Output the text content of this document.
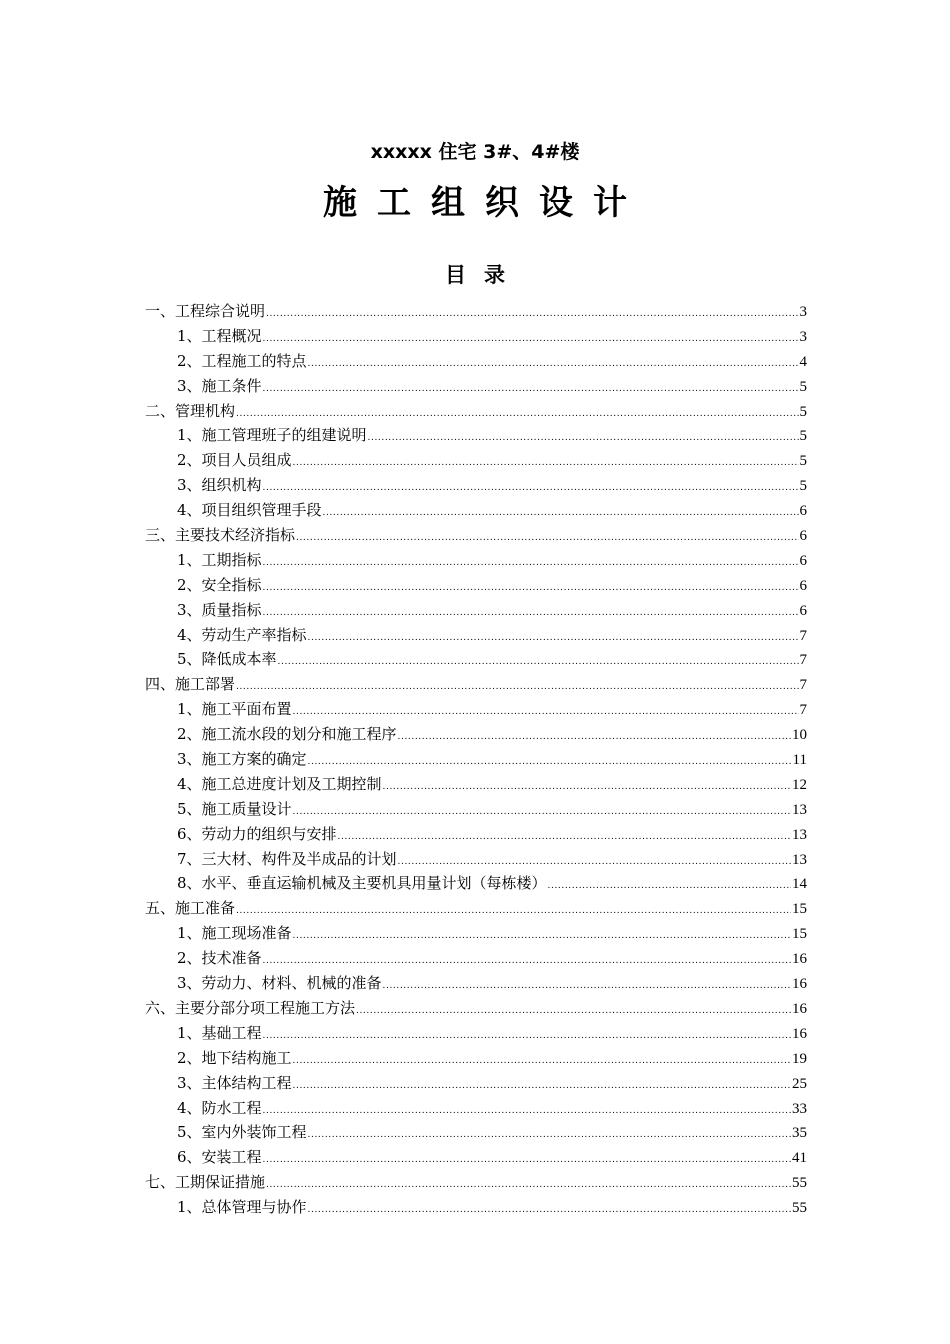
xxxxx 住宅 3#、4#楼
施工组织设计
目录
一、工程综合说明 .....	3
1、工程概况 .....	3
2、工程施工的特点 .....	4
3、施工条件 .....	5
二、管理机构 .....	5
1、施工管理班子的组建说明 .....	5
2、项目人员组成 .....	5
3、组织机构 .....	5
4、项目组织管理手段 .....	6
三、主要技术经济指标 .....	6
1、工期指标 .....	6
2、安全指标 .....	6
3、质量指标 .....	6
4、劳动生产率指标 .....	7
5、降低成本率 .....	7
四、施工部署 .....	7
1、施工平面布置 .....	7
2、施工流水段的划分和施工程序 .....	10
3、施工方案的确定 .....	11
4、施工总进度计划及工期控制 .....	12
5、施工质量设计 .....	13
6、劳动力的组织与安排 .....	13
7、三大材、构件及半成品的计划 .....	13
8、水平、垂直运输机械及主要机具用量计划（每栋楼） .....	14
五、施工准备 .....	15
1、施工现场准备 .....	15
2、技术准备 .....	16
3、劳动力、材料、机械的准备 .....	16
六、主要分部分项工程施工方法 .....	16
1、基础工程 .....	16
2、地下结构施工 .....	19
3、主体结构工程 .....	25
4、防水工程 .....	33
5、室内外装饰工程 .....	35
6、安装工程 .....	41
七、工期保证措施 .....	55
1、总体管理与协作 .....	55
